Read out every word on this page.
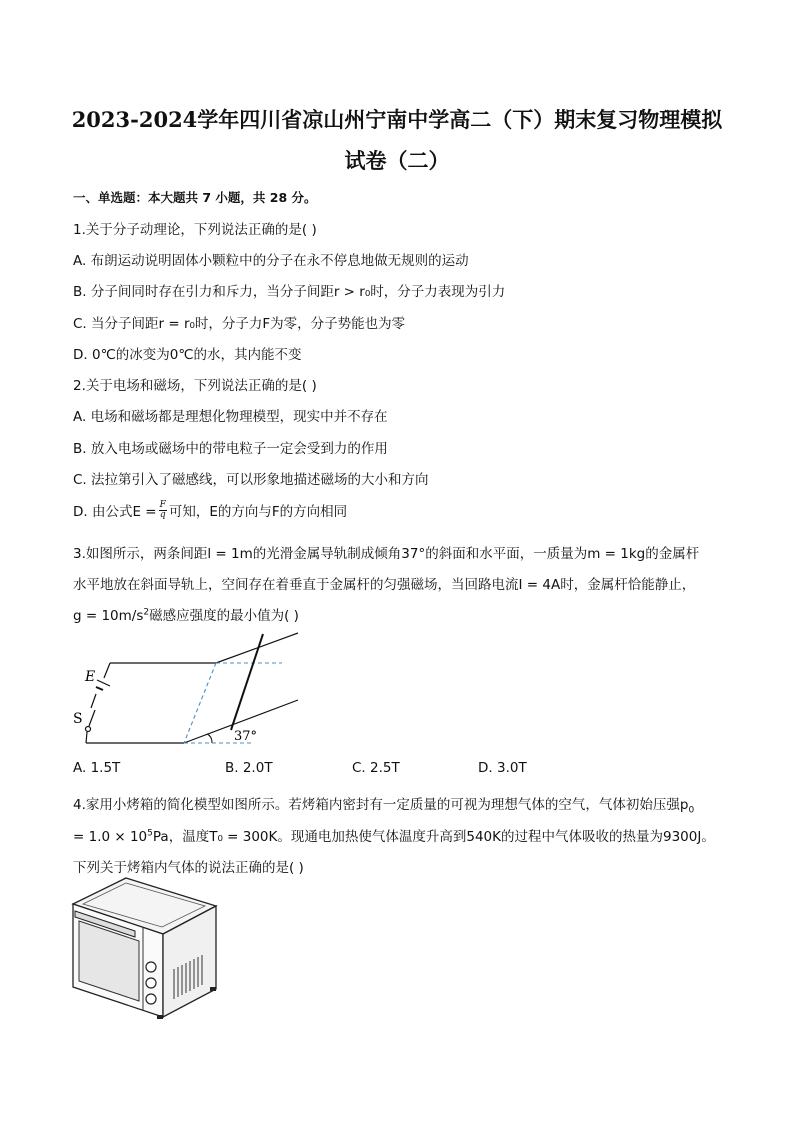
2023-2024学年四川省凉山州宁南中学高二（下）期末复习物理模拟
试卷（二）
一、单选题：本大题共 7 小题，共 28 分。
1.关于分子动理论，下列说法正确的是( )
A. 布朗运动说明固体小颗粒中的分子在永不停息地做无规则的运动
B. 分子间同时存在引力和斥力，当分子间距r > r₀时，分子力表现为引力
C. 当分子间距r = r₀时，分子力F为零，分子势能也为零
D. 0℃的冰变为0℃的水，其内能不变
2.关于电场和磁场，下列说法正确的是( )
A. 电场和磁场都是理想化物理模型，现实中并不存在
B. 放入电场或磁场中的带电粒子一定会受到力的作用
C. 法拉第引入了磁感线，可以形象地描述磁场的大小和方向
D. 由公式$E = \frac{F}{q}$ 可知，E的方向与F的方向相同
3.如图所示，两条间距l = 1m的光滑金属导轨制成倾角37°的斜面和水平面，一质量为m = 1kg的金属杆
水平地放在斜面导轨上，空间存在着垂直于金属杆的匀强磁场，当回路电流I = 4A时，金属杆恰能静止，
$g = 10m/s^2$磁感应强度的最小值为( )
E
S
37°
A. 1.5T	B. 2.0T	C. 2.5T	D. 3.0T
4.家用小烤箱的简化模型如图所示。若烤箱内密封有一定质量的可视为理想气体的空气，气体初始压强$p_0$
= $1.0 \times 10^5Pa$，温度T₀ = 300K。现通电加热使气体温度升高到540K的过程中气体吸收的热量为9300J。
下列关于烤箱内气体的说法正确的是( )
